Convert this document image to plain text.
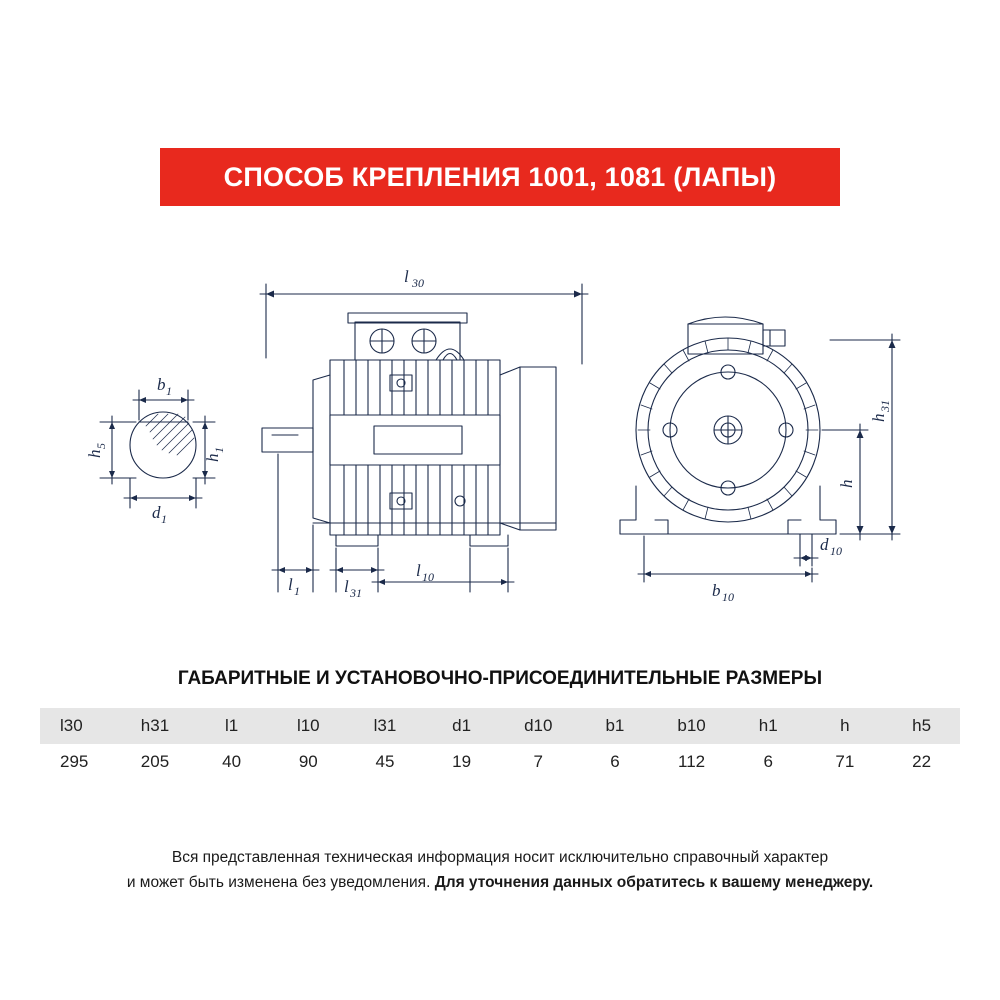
СПОСОБ КРЕПЛЕНИЯ 1001, 1081 (ЛАПЫ)
l 30
b 1
h
5
h
1
d 1
l 1	l 31
l 10
h
31
h
d 10
b 10
ГАБАРИТНЫЕ И УСТАНОВОЧНО-ПРИСОЕДИНИТЕЛЬНЫЕ РАЗМЕРЫ
l30	h31	l1	l10	l31	d1	d10	b1	b10	h1	h	h5
295	205	40	90	45	19	7	6	112	6	71	22
Вся представленная техническая информация носит исключительно справочный характер
и может быть изменена без уведомления. Для уточнения данных обратитесь к вашему менеджеру.
